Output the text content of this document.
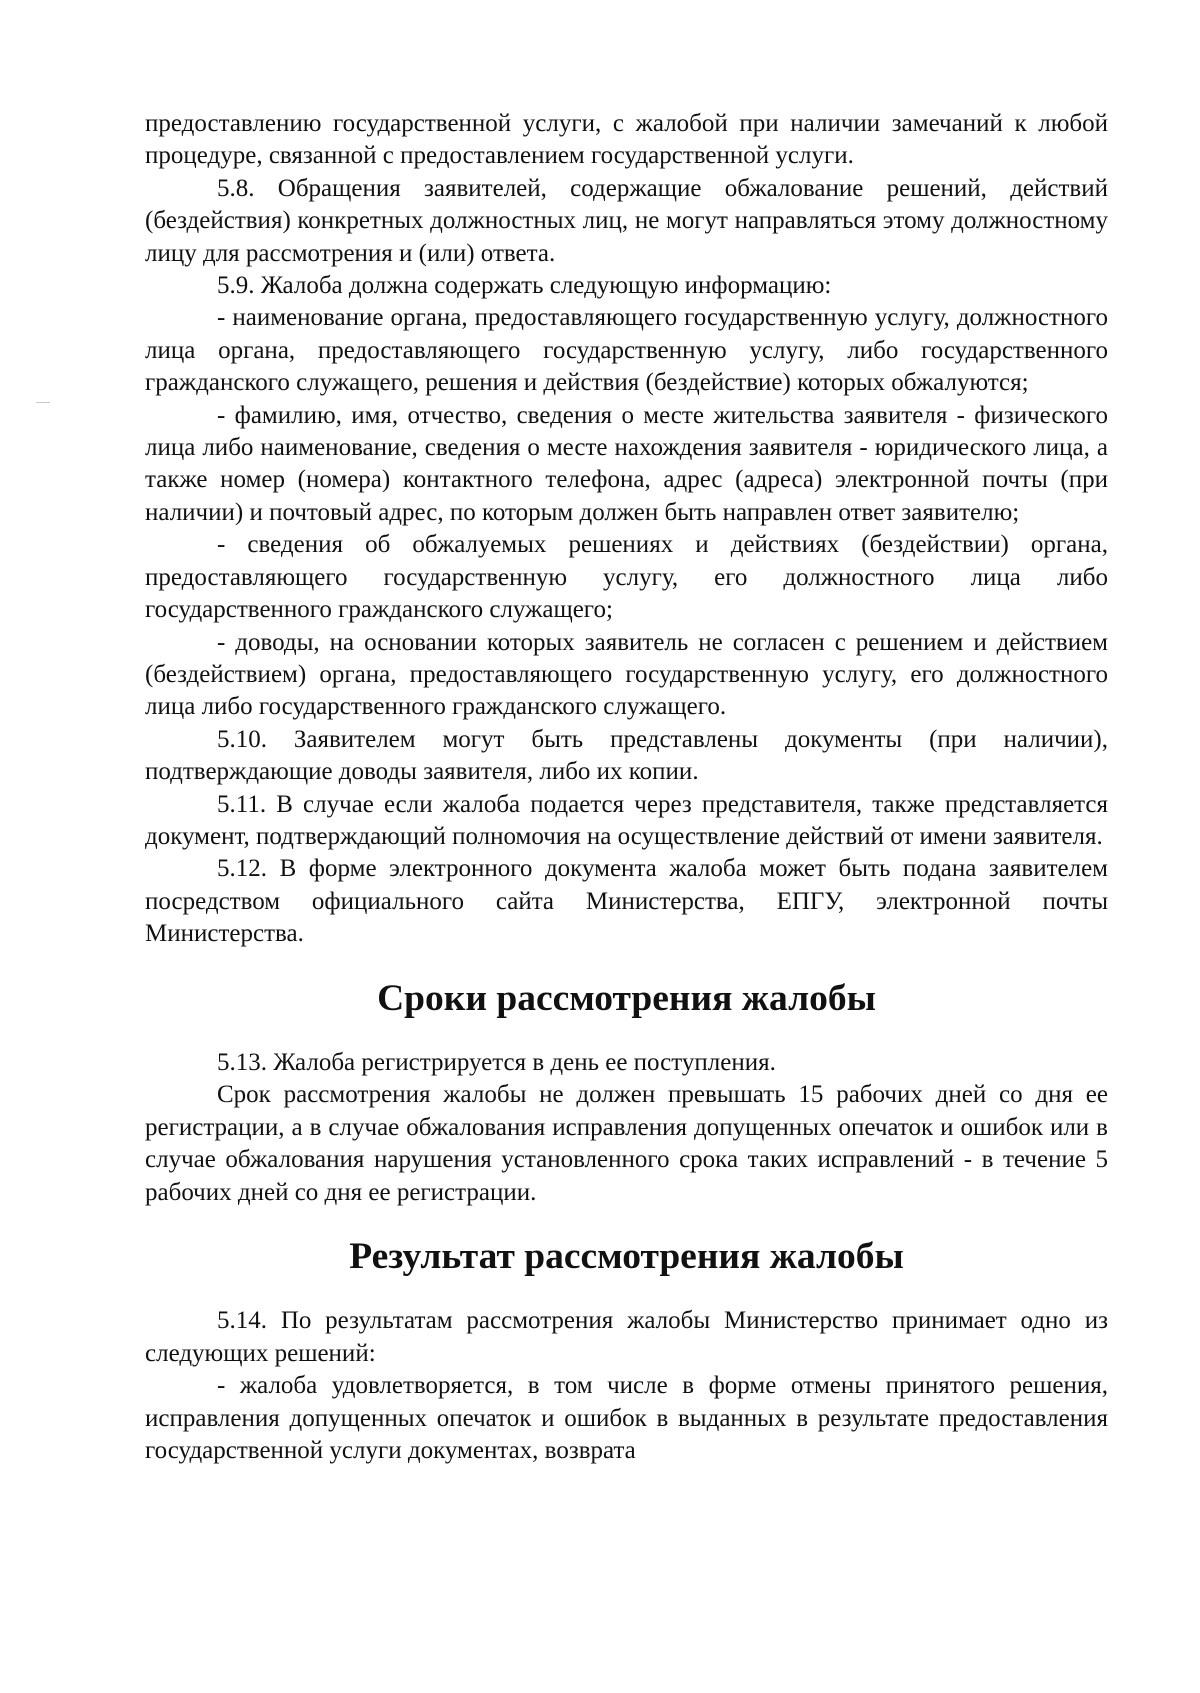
предоставлению государственной услуги, с жалобой при наличии замечаний к любой процедуре, связанной с предоставлением государственной услуги.

5.8. Обращения заявителей, содержащие обжалование решений, действий (бездействия) конкретных должностных лиц, не могут направляться этому должностному лицу для рассмотрения и (или) ответа.

5.9. Жалоба должна содержать следующую информацию:

- наименование органа, предоставляющего государственную услугу, должностного лица органа, предоставляющего государственную услугу, либо государственного гражданского служащего, решения и действия (бездействие) которых обжалуются;

- фамилию, имя, отчество, сведения о месте жительства заявителя - физического лица либо наименование, сведения о месте нахождения заявителя - юридического лица, а также номер (номера) контактного телефона, адрес (адреса) электронной почты (при наличии) и почтовый адрес, по которым должен быть направлен ответ заявителю;

- сведения об обжалуемых решениях и действиях (бездействии) органа, предоставляющего государственную услугу, его должностного лица либо государственного гражданского служащего;

- доводы, на основании которых заявитель не согласен с решением и действием (бездействием) органа, предоставляющего государственную услугу, его должностного лица либо государственного гражданского служащего.

5.10. Заявителем могут быть представлены документы (при наличии), подтверждающие доводы заявителя, либо их копии.

5.11. В случае если жалоба подается через представителя, также представляется документ, подтверждающий полномочия на осуществление действий от имени заявителя.

5.12. В форме электронного документа жалоба может быть подана заявителем посредством официального сайта Министерства, ЕПГУ, электронной почты Министерства.

Сроки рассмотрения жалобы

5.13. Жалоба регистрируется в день ее поступления.

Срок рассмотрения жалобы не должен превышать 15 рабочих дней со дня ее регистрации, а в случае обжалования исправления допущенных опечаток и ошибок или в случае обжалования нарушения установленного срока таких исправлений - в течение 5 рабочих дней со дня ее регистрации.

Результат рассмотрения жалобы

5.14. По результатам рассмотрения жалобы Министерство принимает одно из следующих решений:

- жалоба удовлетворяется, в том числе в форме отмены принятого решения, исправления допущенных опечаток и ошибок в выданных в результате предоставления государственной услуги документах, возврата
